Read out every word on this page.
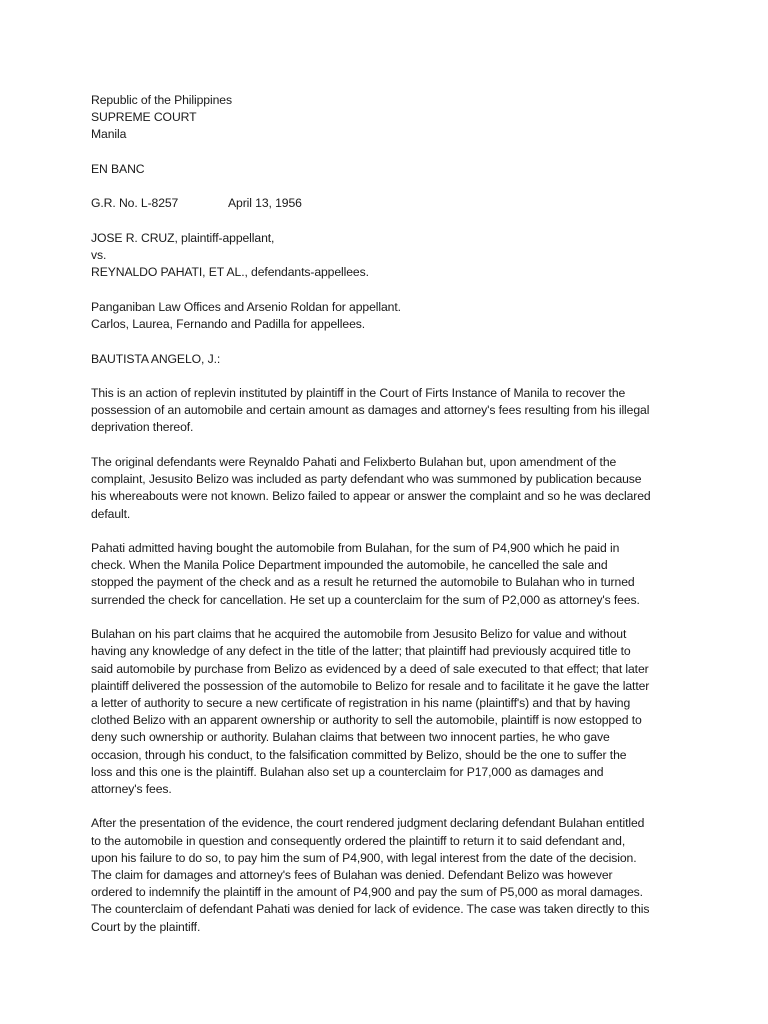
Republic of the Philippines
SUPREME COURT
Manila
EN BANC
G.R. No. L-8257	April 13, 1956
JOSE R. CRUZ, plaintiff-appellant,
vs.
REYNALDO PAHATI, ET AL., defendants-appellees.
Panganiban Law Offices and Arsenio Roldan for appellant.
Carlos, Laurea, Fernando and Padilla for appellees.
BAUTISTA ANGELO, J.:

This is an action of replevin instituted by plaintiff in the Court of Firts Instance of Manila to recover the
possession of an automobile and certain amount as damages and attorney's fees resulting from his illegal
deprivation thereof.

The original defendants were Reynaldo Pahati and Felixberto Bulahan but, upon amendment of the
complaint, Jesusito Belizo was included as party defendant who was summoned by publication because
his whereabouts were not known. Belizo failed to appear or answer the complaint and so he was declared
default.

Pahati admitted having bought the automobile from Bulahan, for the sum of P4,900 which he paid in
check. When the Manila Police Department impounded the automobile, he cancelled the sale and
stopped the payment of the check and as a result he returned the automobile to Bulahan who in turned
surrended the check for cancellation. He set up a counterclaim for the sum of P2,000 as attorney's fees.

Bulahan on his part claims that he acquired the automobile from Jesusito Belizo for value and without
having any knowledge of any defect in the title of the latter; that plaintiff had previously acquired title to
said automobile by purchase from Belizo as evidenced by a deed of sale executed to that effect; that later
plaintiff delivered the possession of the automobile to Belizo for resale and to facilitate it he gave the latter
a letter of authority to secure a new certificate of registration in his name (plaintiff's) and that by having
clothed Belizo with an apparent ownership or authority to sell the automobile, plaintiff is now estopped to
deny such ownership or authority. Bulahan claims that between two innocent parties, he who gave
occasion, through his conduct, to the falsification committed by Belizo, should be the one to suffer the
loss and this one is the plaintiff. Bulahan also set up a counterclaim for P17,000 as damages and
attorney's fees.

After the presentation of the evidence, the court rendered judgment declaring defendant Bulahan entitled
to the automobile in question and consequently ordered the plaintiff to return it to said defendant and,
upon his failure to do so, to pay him the sum of P4,900, with legal interest from the date of the decision.
The claim for damages and attorney's fees of Bulahan was denied. Defendant Belizo was however
ordered to indemnify the plaintiff in the amount of P4,900 and pay the sum of P5,000 as moral damages.
The counterclaim of defendant Pahati was denied for lack of evidence. The case was taken directly to this
Court by the plaintiff.
